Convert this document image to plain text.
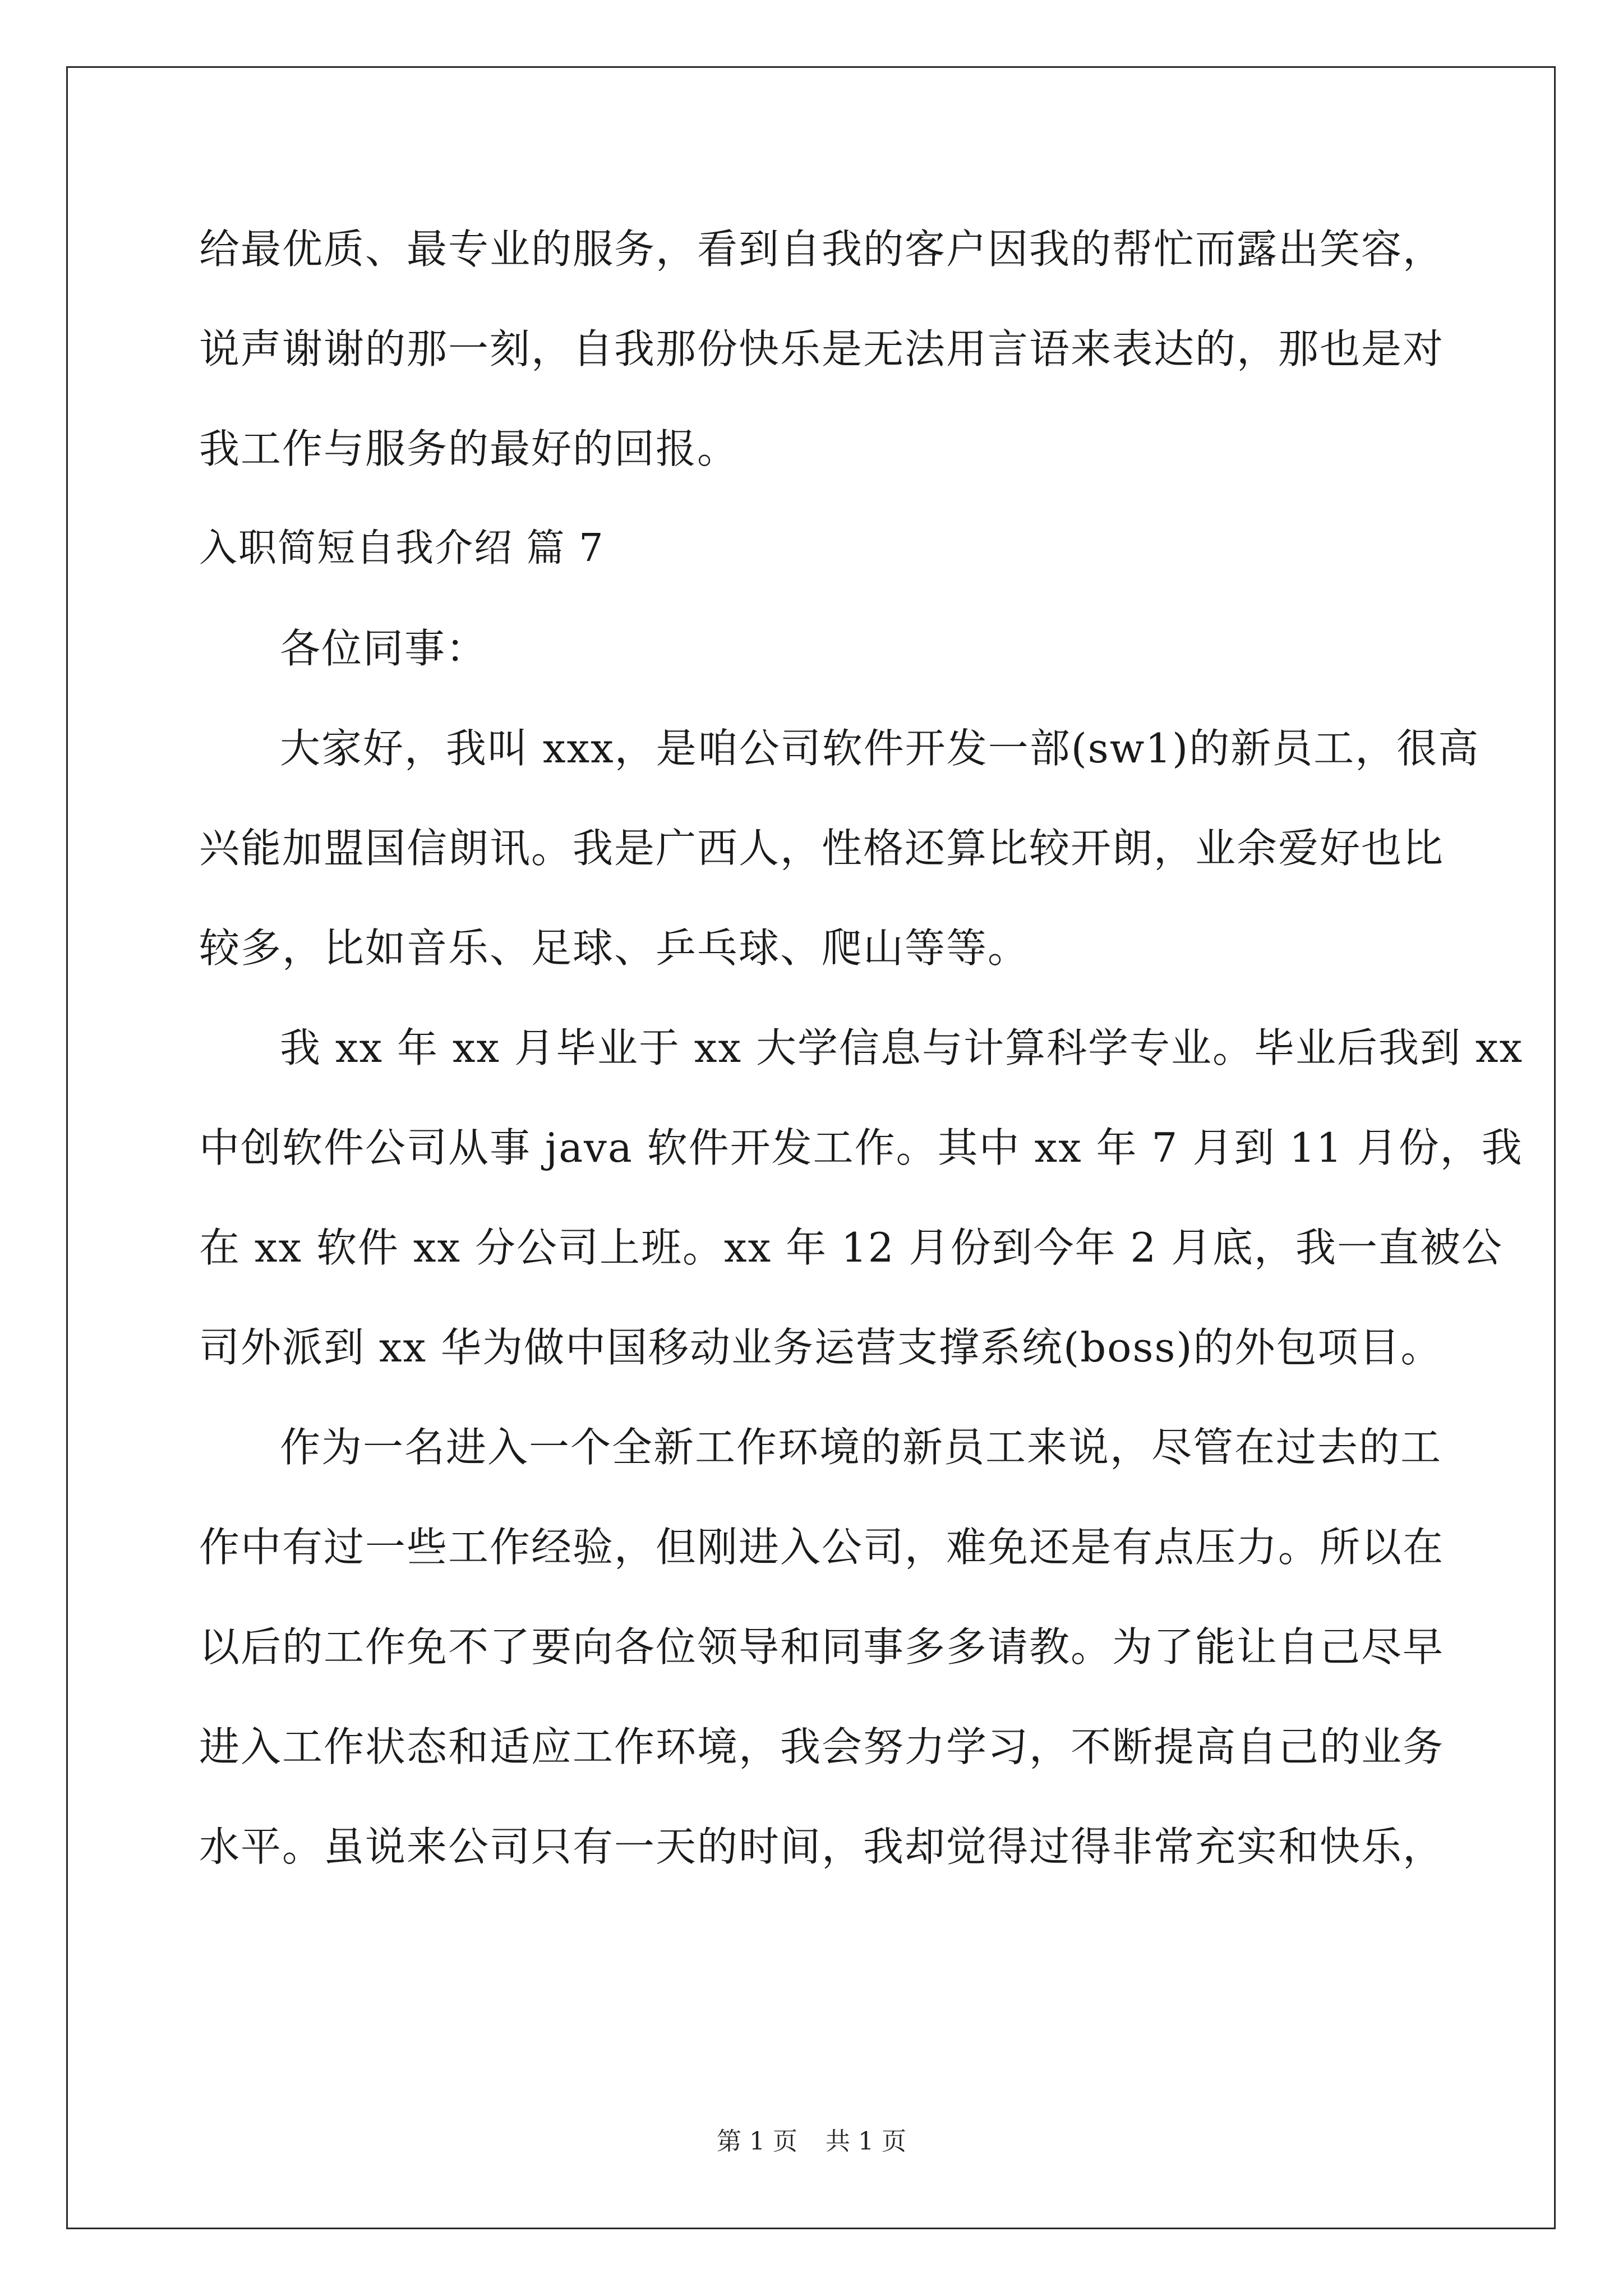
给最优质、最专业的服务，看到自我的客户因我的帮忙而露出笑容，
说声谢谢的那一刻，自我那份快乐是无法用言语来表达的，那也是对
我工作与服务的最好的回报。
入职简短自我介绍 篇 7
各位同事：
大家好，我叫 xxx，是咱公司软件开发一部(sw1)的新员工，很高
兴能加盟国信朗讯。我是广西人，性格还算比较开朗，业余爱好也比
较多，比如音乐、足球、乒乓球、爬山等等。
我 xx 年 xx 月毕业于 xx 大学信息与计算科学专业。毕业后我到 xx
中创软件公司从事 java 软件开发工作。其中 xx 年 7 月到 11 月份，我
在 xx 软件 xx 分公司上班。xx 年 12 月份到今年 2 月底，我一直被公
司外派到 xx 华为做中国移动业务运营支撑系统(boss)的外包项目。
作为一名进入一个全新工作环境的新员工来说，尽管在过去的工
作中有过一些工作经验，但刚进入公司，难免还是有点压力。所以在
以后的工作免不了要向各位领导和同事多多请教。为了能让自己尽早
进入工作状态和适应工作环境，我会努力学习，不断提高自己的业务
水平。虽说来公司只有一天的时间，我却觉得过得非常充实和快乐，
第 1 页 共 1 页
